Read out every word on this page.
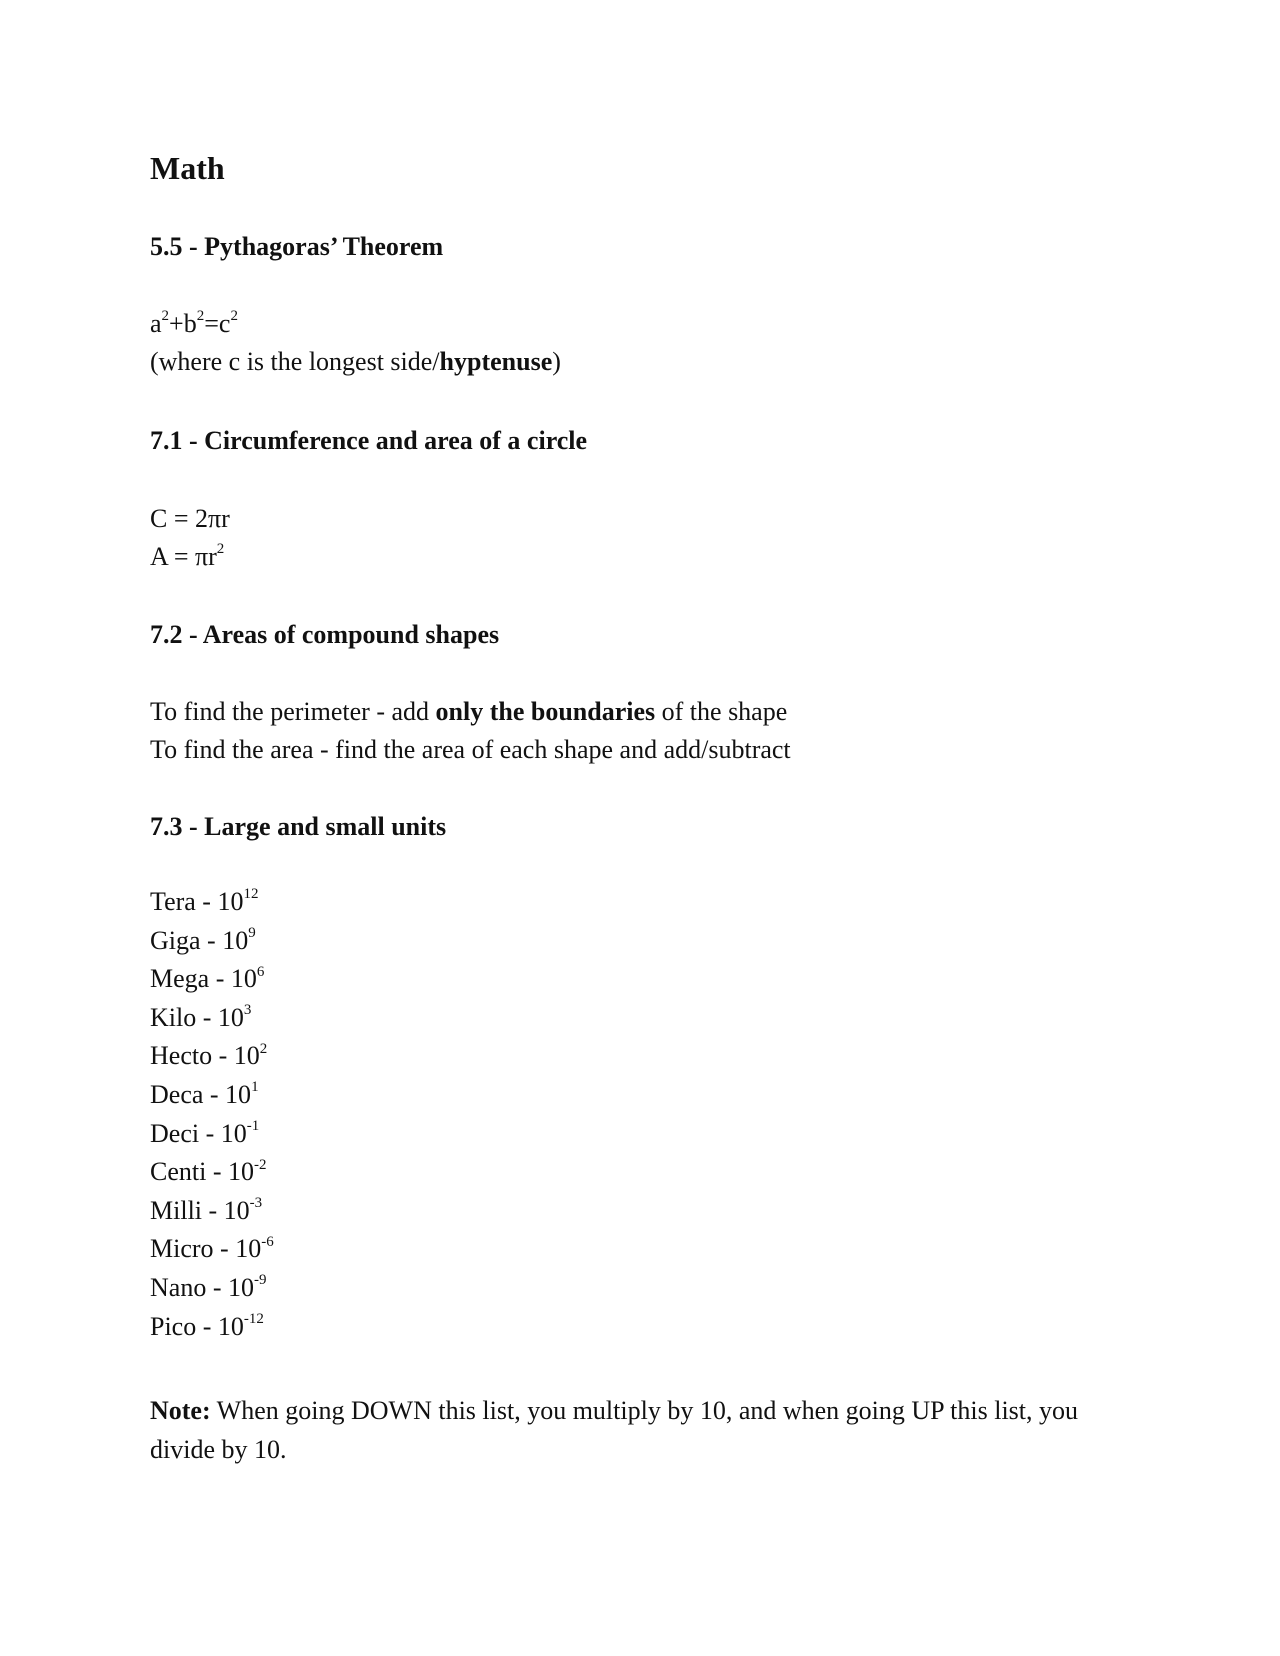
Math
5.5 - Pythagoras’ Theorem

$a^2+b^2=c^2$

(where c is the longest side/hyptenuse)

7.1 - Circumference and area of a circle

C = 2πr

$A = \pi r^2$

7.2 - Areas of compound shapes

To find the perimeter - add only the boundaries of the shape

To find the area - find the area of each shape and add/subtract

7.3 - Large and small units
Tera - $10^{12}$
Giga - $10^9$
Mega - $10^6$
Kilo - $10^3$
Hecto - $10^2$
Deca - $10^1$
Deci - $10^{-1}$
Centi - $10^{-2}$
Milli - $10^{-3}$
Micro - $10^{-6}$
Nano - $10^{-9}$
Pico - $10^{-12}$

Note: When going DOWN this list, you multiply by 10, and when going UP this list, you divide by 10.
